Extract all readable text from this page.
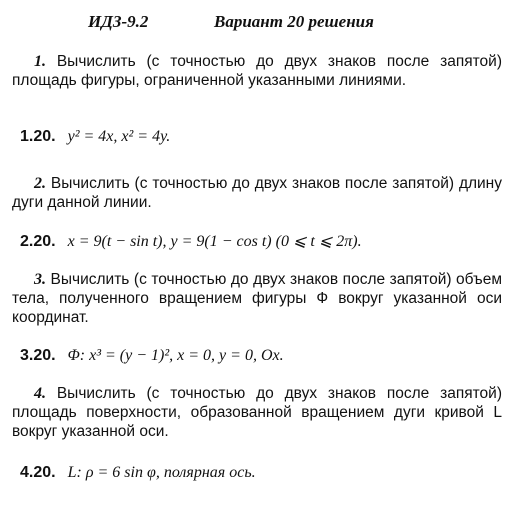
ИДЗ-9.2	Вариант 20 решения
1. Вычислить (с точностью до двух знаков после запятой) площадь фигуры, ограниченной указанными линиями.
1.20. y² = 4x, x² = 4y.
2. Вычислить (с точностью до двух знаков после запятой) длину дуги данной линии.
2.20. x = 9(t − sin t), y = 9(1 − cos t) (0 ⩽ t ⩽ 2π).
3. Вычислить (с точностью до двух знаков после запятой) объем тела, полученного вращением фигуры Ф вокруг указанной оси координат.
3.20. Φ: x³ = (y − 1)², x = 0, y = 0, Ox.
4. Вычислить (с точностью до двух знаков после запятой) площадь поверхности, образованной вращением дуги кривой L вокруг указанной оси.
4.20. L: ρ = 6 sin φ, полярная ось.
